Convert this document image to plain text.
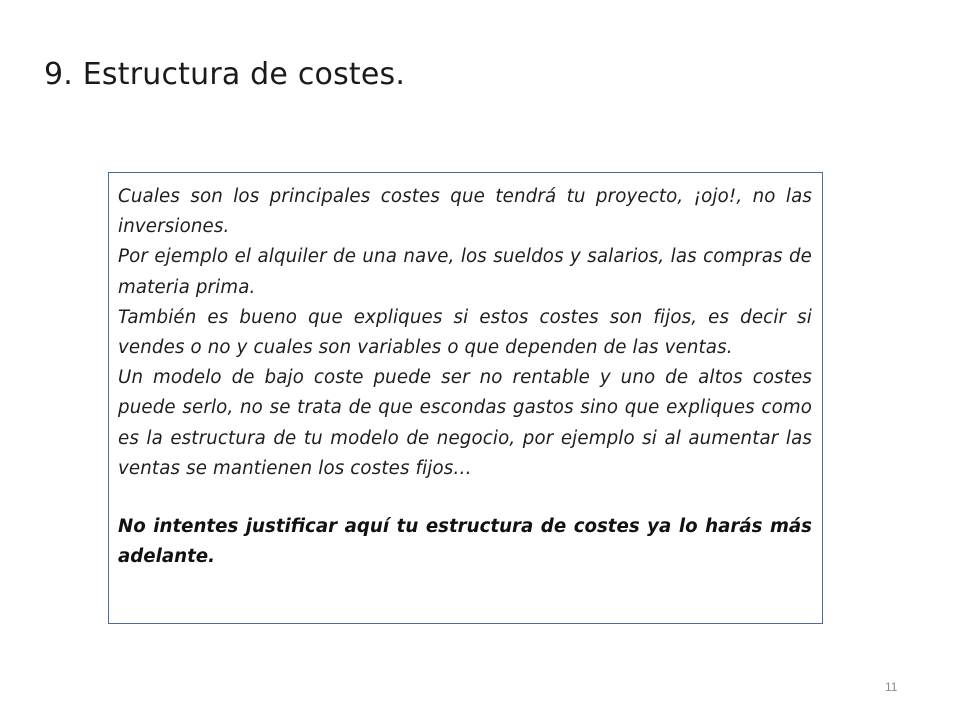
9. Estructura de costes.

Cuales son los principales costes que tendrá tu proyecto, ¡ojo!, no las inversiones.

Por ejemplo el alquiler de una nave, los sueldos y salarios, las compras de materia prima.

También es bueno que expliques si estos costes son fijos, es decir si vendes o no y cuales son variables o que dependen de las ventas.

Un modelo de bajo coste puede ser no rentable y uno de altos costes puede serlo, no se trata de que escondas gastos sino que expliques como es la estructura de tu modelo de negocio, por ejemplo si al aumentar las ventas se mantienen los costes fijos…

No intentes justificar aquí tu estructura de costes ya lo harás más adelante.

11
